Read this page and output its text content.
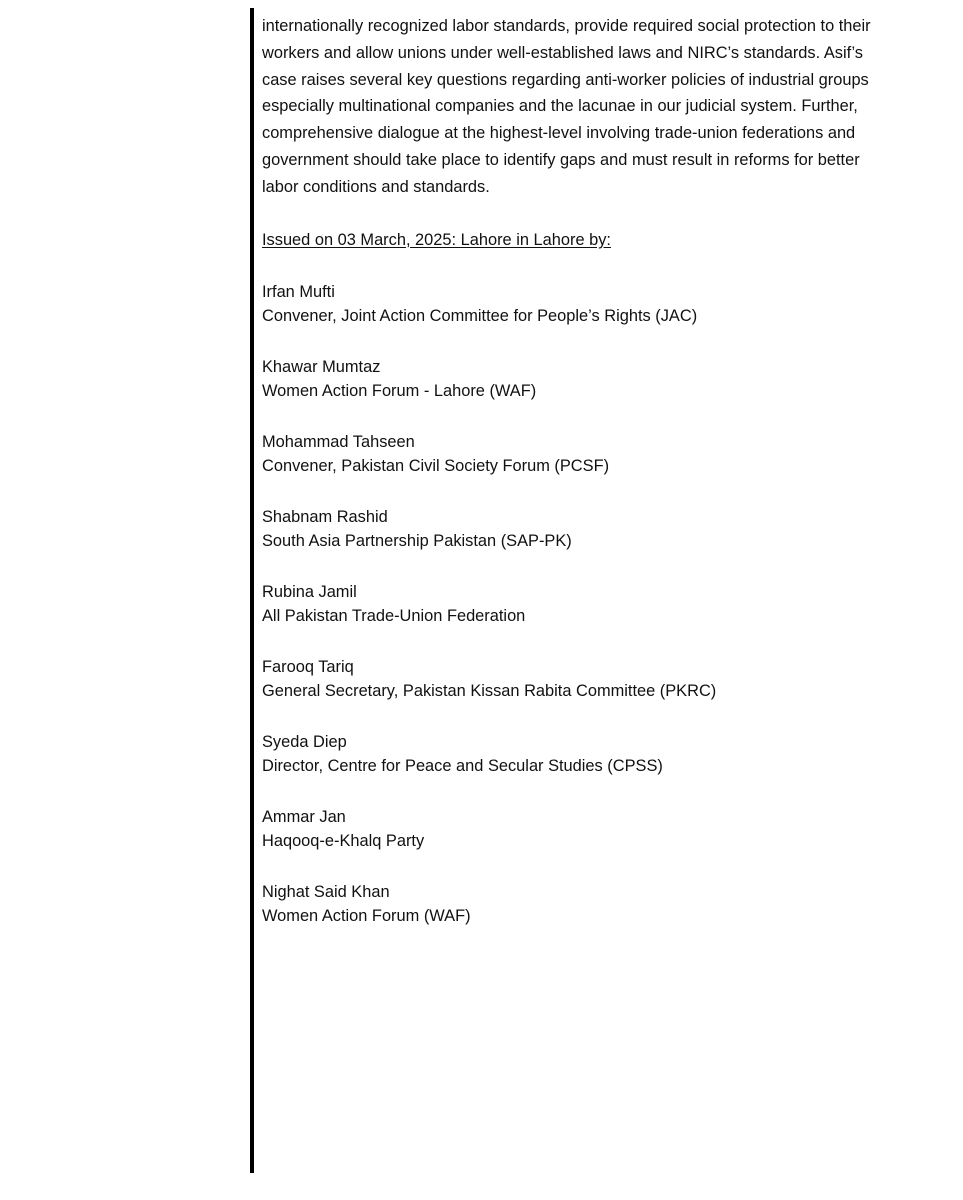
internationally recognized labor standards, provide required social protection to their
workers and allow unions under well-established laws and NIRC’s standards. Asif’s
case raises several key questions regarding anti-worker policies of industrial groups
especially multinational companies and the lacunae in our judicial system. Further,
comprehensive dialogue at the highest-level involving trade-union federations and
government should take place to identify gaps and must result in reforms for better
labor conditions and standards.

Issued on 03 March, 2025: Lahore in Lahore by:

Irfan Mufti
Convener, Joint Action Committee for People’s Rights (JAC)
Khawar Mumtaz
Women Action Forum - Lahore (WAF)
Mohammad Tahseen
Convener, Pakistan Civil Society Forum (PCSF)
Shabnam Rashid
South Asia Partnership Pakistan (SAP-PK)
Rubina Jamil
All Pakistan Trade-Union Federation
Farooq Tariq
General Secretary, Pakistan Kissan Rabita Committee (PKRC)
Syeda Diep
Director, Centre for Peace and Secular Studies (CPSS)
Ammar Jan
Haqooq-e-Khalq Party
Nighat Said Khan
Women Action Forum (WAF)
